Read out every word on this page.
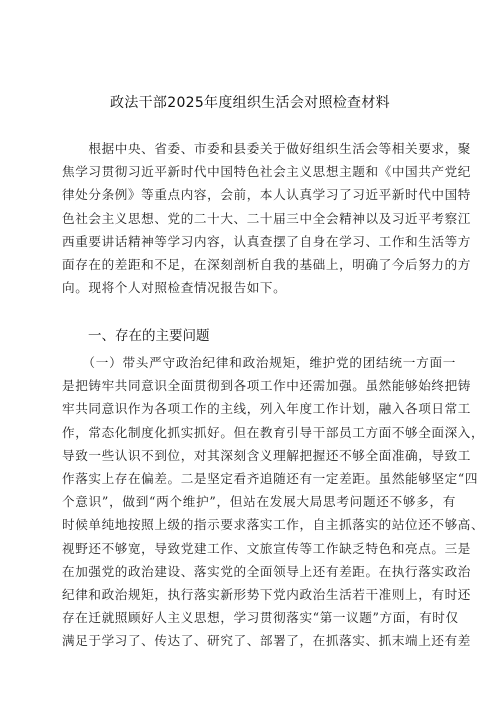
政法干部2025年度组织生活会对照检查材料
　　根据中央、省委、市委和县委关于做好组织生活会等相关要求，聚
焦学习贯彻习近平新时代中国特色社会主义思想主题和《中国共产党纪
律处分条例》等重点内容，会前，本人认真学习了习近平新时代中国特
色社会主义思想、党的二十大、二十届三中全会精神以及习近平考察江
西重要讲话精神等学习内容，认真查摆了自身在学习、工作和生活等方
面存在的差距和不足，在深刻剖析自我的基础上，明确了今后努力的方
向。现将个人对照检查情况报告如下。
一、存在的主要问题
　　（一）带头严守政治纪律和政治规矩，维护党的团结统一方面一
是把铸牢共同意识全面贯彻到各项工作中还需加强。虽然能够始终把铸
牢共同意识作为各项工作的主线，列入年度工作计划，融入各项日常工
作，常态化制度化抓实抓好。但在教育引导干部员工方面不够全面深入，
导致一些认识不到位，对其深刻含义理解把握还不够全面准确，导致工
作落实上存在偏差。二是坚定看齐追随还有一定差距。虽然能够坚定“四
个意识”，做到“两个维护”，但站在发展大局思考问题还不够多，有
时候单纯地按照上级的指示要求落实工作，自主抓落实的站位还不够高、
视野还不够宽，导致党建工作、文旅宣传等工作缺乏特色和亮点。三是
在加强党的政治建设、落实党的全面领导上还有差距。在执行落实政治
纪律和政治规矩，执行落实新形势下党内政治生活若干准则上，有时还
存在迁就照顾好人主义思想，学习贯彻落实“第一议题”方面，有时仅
满足于学习了、传达了、研究了、部署了，在抓落实、抓末端上还有差
